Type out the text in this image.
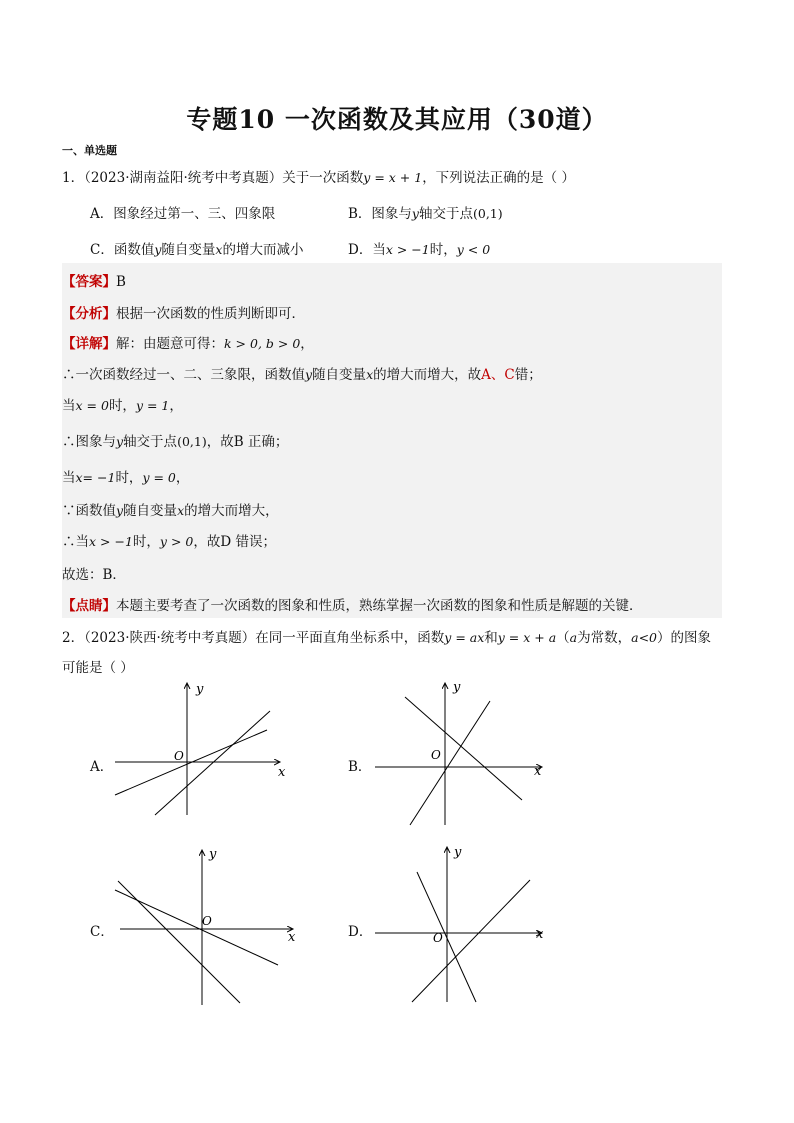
专题10 一次函数及其应用（30道）
一、单选题
1．（2023·湖南益阳·统考中考真题）关于一次函数y = x + 1，下列说法正确的是（ ）
A．图象经过第一、三、四象限	B．图象与y轴交于点(0,1)
C．函数值y随自变量x的增大而减小	D．当x > −1时，y < 0
【答案】B
【分析】根据一次函数的性质判断即可．
【详解】解：由题意可得：k > 0, b > 0，
∴一次函数经过一、二、三象限，函数值y随自变量x的增大而增大，故A、C错；
当x = 0时，y = 1，
∴图象与y轴交于点(0,1)，故B 正确；
当x= −1时，y = 0，
∵函数值y随自变量x的增大而增大，
∴当x > −1时，y > 0，故D 错误；
故选：B．
【点睛】本题主要考查了一次函数的图象和性质，熟练掌握一次函数的图象和性质是解题的关键．
2．（2023·陕西·统考中考真题）在同一平面直角坐标系中，函数y = ax和y = x + a（a为常数，a<0）的图象
可能是（ ）
A．
O
x
y
B．
O
x
y
C．
O
x
y
D．	O	x
y
